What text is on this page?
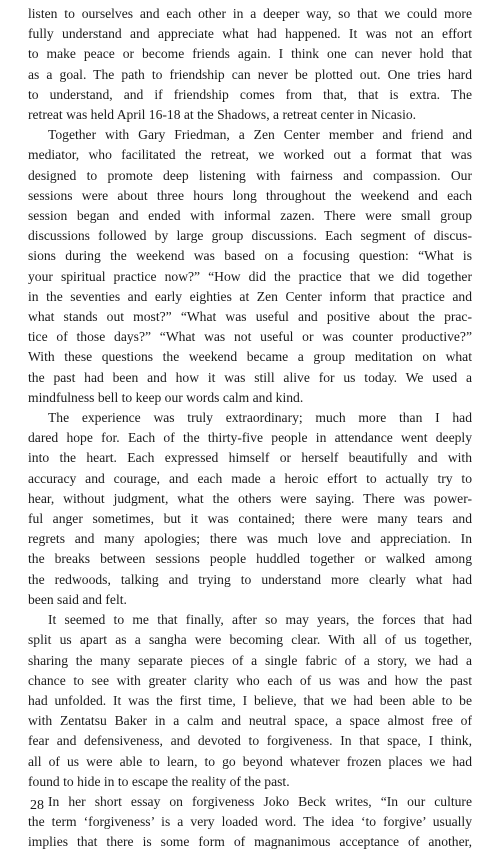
listen to ourselves and each other in a deeper way, so that we could more
fully understand and appreciate what had happened. It was not an effort
to make peace or become friends again. I think one can never hold that
as a goal. The path to friendship can never be plotted out. One tries hard
to understand, and if friendship comes from that, that is extra. The
retreat was held April 16-18 at the Shadows, a retreat center in Nicasio.
Together with Gary Friedman, a Zen Center member and friend and
mediator, who facilitated the retreat, we worked out a format that was
designed to promote deep listening with fairness and compassion. Our
sessions were about three hours long throughout the weekend and each
session began and ended with informal zazen. There were small group
discussions followed by large group discussions. Each segment of discus-
sions during the weekend was based on a focusing question: “What is
your spiritual practice now?” “How did the practice that we did together
in the seventies and early eighties at Zen Center inform that practice and
what stands out most?” “What was useful and positive about the prac-
tice of those days?” “What was not useful or was counter productive?”
With these questions the weekend became a group meditation on what
the past had been and how it was still alive for us today. We used a
mindfulness bell to keep our words calm and kind.
The experience was truly extraordinary; much more than I had
dared hope for. Each of the thirty-five people in attendance went deeply
into the heart. Each expressed himself or herself beautifully and with
accuracy and courage, and each made a heroic effort to actually try to
hear, without judgment, what the others were saying. There was power-
ful anger sometimes, but it was contained; there were many tears and
regrets and many apologies; there was much love and appreciation. In
the breaks between sessions people huddled together or walked among
the redwoods, talking and trying to understand more clearly what had
been said and felt.
It seemed to me that finally, after so may years, the forces that had
split us apart as a sangha were becoming clear. With all of us together,
sharing the many separate pieces of a single fabric of a story, we had a
chance to see with greater clarity who each of us was and how the past
had unfolded. It was the first time, I believe, that we had been able to be
with Zentatsu Baker in a calm and neutral space, a space almost free of
fear and defensiveness, and devoted to forgiveness. In that space, I think,
all of us were able to learn, to go beyond whatever frozen places we had
found to hide in to escape the reality of the past.
In her short essay on forgiveness Joko Beck writes, “In our culture
the term ‘forgiveness’ is a very loaded word. The idea ‘to forgive’ usually
implies that there is some form of magnanimous acceptance of another,
28
